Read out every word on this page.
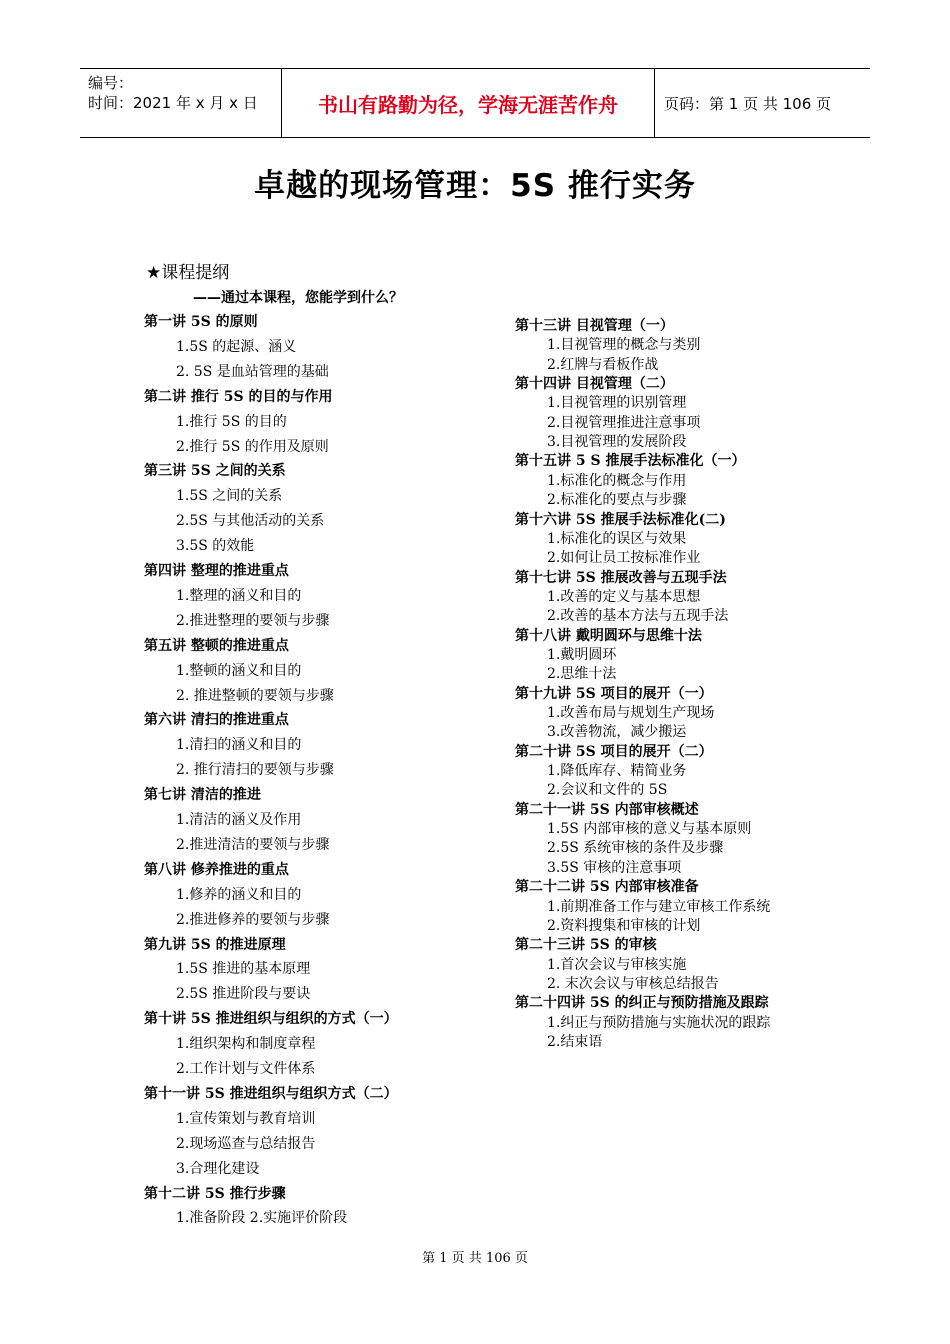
编号：
时间：2021 年 x 月 x 日	书山有路勤为径，学海无涯苦作舟	页码：第 1 页 共 106 页
卓越的现场管理：5S 推行实务
★课程提纲
——通过本课程，您能学到什么？
第一讲 5S 的原则
1.5S 的起源、涵义
2. 5S 是血站管理的基础
第二讲 推行 5S 的目的与作用
1.推行 5S 的目的
2.推行 5S 的作用及原则
第三讲 5S 之间的关系
1.5S 之间的关系
2.5S 与其他活动的关系
3.5S 的效能
第四讲 整理的推进重点
1.整理的涵义和目的
2.推进整理的要领与步骤
第五讲 整顿的推进重点
1.整顿的涵义和目的
2. 推进整顿的要领与步骤
第六讲 清扫的推进重点
1.清扫的涵义和目的
2. 推行清扫的要领与步骤
第七讲 清洁的推进
1.清洁的涵义及作用
2.推进清洁的要领与步骤
第八讲 修养推进的重点
1.修养的涵义和目的
2.推进修养的要领与步骤
第九讲 5S 的推进原理
1.5S 推进的基本原理
2.5S 推进阶段与要诀
第十讲 5S 推进组织与组织的方式（一）
1.组织架构和制度章程
2.工作计划与文件体系
第十一讲 5S 推进组织与组织方式（二）
1.宣传策划与教育培训
2.现场巡查与总结报告
3.合理化建设
第十二讲 5S 推行步骤
1.准备阶段 2.实施评价阶段
第十三讲 目视管理（一）
1.目视管理的概念与类别
2.红牌与看板作战
第十四讲 目视管理（二）
1.目视管理的识别管理
2.目视管理推进注意事项
3.目视管理的发展阶段
第十五讲 5 S 推展手法标准化（一）
1.标准化的概念与作用
2.标准化的要点与步骤
第十六讲 5S 推展手法标准化(二)
1.标准化的误区与效果
2.如何让员工按标准作业
第十七讲 5S 推展改善与五现手法
1.改善的定义与基本思想
2.改善的基本方法与五现手法
第十八讲 戴明圆环与思维十法
1.戴明圆环
2.思维十法
第十九讲 5S 项目的展开（一）
1.改善布局与规划生产现场
3.改善物流，减少搬运
第二十讲 5S 项目的展开（二）
1.降低库存、精简业务
2.会议和文件的 5S
第二十一讲 5S 内部审核概述
1.5S 内部审核的意义与基本原则
2.5S 系统审核的条件及步骤
3.5S 审核的注意事项
第二十二讲 5S 内部审核准备
1.前期准备工作与建立审核工作系统
2.资料搜集和审核的计划
第二十三讲 5S 的审核
1.首次会议与审核实施
2. 末次会议与审核总结报告
第二十四讲 5S 的纠正与预防措施及跟踪
1.纠正与预防措施与实施状况的跟踪
2.结束语
第 1 页 共 106 页
